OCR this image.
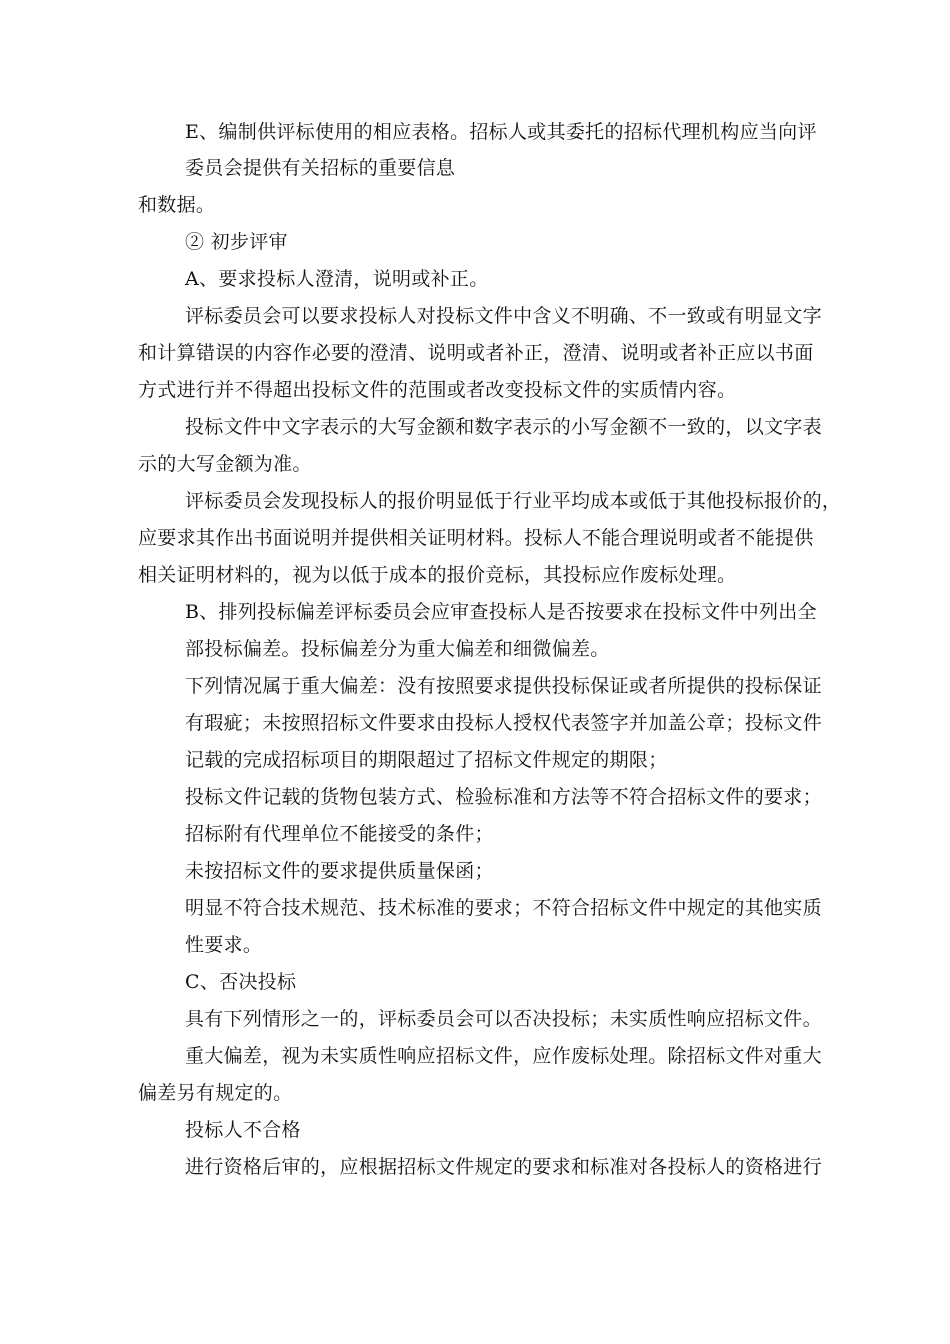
E、编制供评标使用的相应表格。招标人或其委托的招标代理机构应当向评
委员会提供有关招标的重要信息
和数据。
② 初步评审
A、要求投标人澄清，说明或补正。
评标委员会可以要求投标人对投标文件中含义不明确、不一致或有明显文字
和计算错误的内容作必要的澄清、说明或者补正，澄清、说明或者补正应以书面
方式进行并不得超出投标文件的范围或者改变投标文件的实质情内容。
投标文件中文字表示的大写金额和数字表示的小写金额不一致的，以文字表
示的大写金额为准。
评标委员会发现投标人的报价明显低于行业平均成本或低于其他投标报价的，
应要求其作出书面说明并提供相关证明材料。投标人不能合理说明或者不能提供
相关证明材料的，视为以低于成本的报价竞标，其投标应作废标处理。
B、排列投标偏差评标委员会应审查投标人是否按要求在投标文件中列出全
部投标偏差。投标偏差分为重大偏差和细微偏差。
下列情况属于重大偏差：没有按照要求提供投标保证或者所提供的投标保证
有瑕疵；未按照招标文件要求由投标人授权代表签字并加盖公章；投标文件
记载的完成招标项目的期限超过了招标文件规定的期限；
投标文件记载的货物包装方式、检验标准和方法等不符合招标文件的要求；
招标附有代理单位不能接受的条件；
未按招标文件的要求提供质量保函；
明显不符合技术规范、技术标准的要求；不符合招标文件中规定的其他实质
性要求。
C、否决投标
具有下列情形之一的，评标委员会可以否决投标；未实质性响应招标文件。
重大偏差，视为未实质性响应招标文件，应作废标处理。除招标文件对重大
偏差另有规定的。
投标人不合格
进行资格后审的，应根据招标文件规定的要求和标准对各投标人的资格进行
